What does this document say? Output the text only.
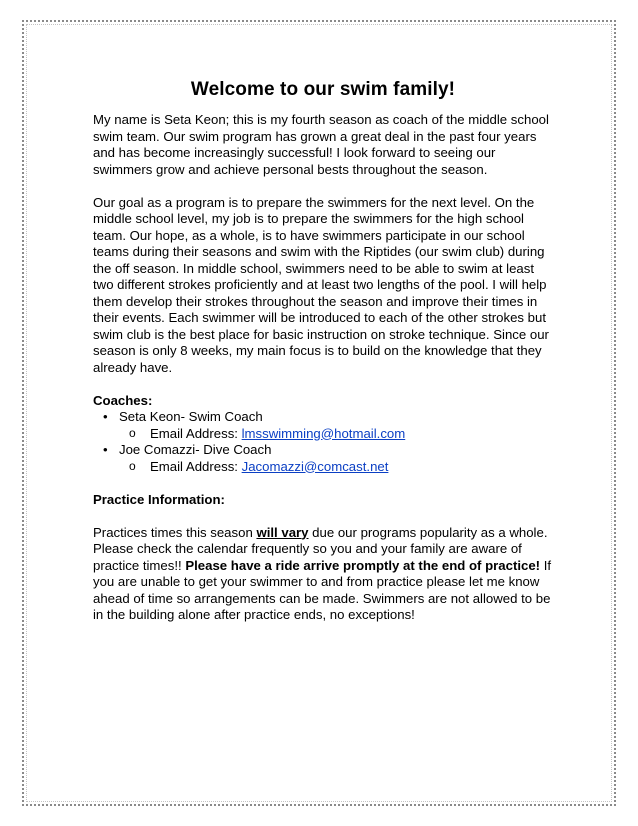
Welcome to our swim family!

My name is Seta Keon; this is my fourth season as coach of the middle school swim team. Our swim program has grown a great deal in the past four years and has become increasingly successful! I look forward to seeing our swimmers grow and achieve personal bests throughout the season.

Our goal as a program is to prepare the swimmers for the next level. On the middle school level, my job is to prepare the swimmers for the high school team. Our hope, as a whole, is to have swimmers participate in our school teams during their seasons and swim with the Riptides (our swim club) during the off season. In middle school, swimmers need to be able to swim at least two different strokes proficiently and at least two lengths of the pool. I will help them develop their strokes throughout the season and improve their times in their events. Each swimmer will be introduced to each of the other strokes but swim club is the best place for basic instruction on stroke technique. Since our season is only 8 weeks, my main focus is to build on the knowledge that they already have.

Coaches:
• Seta Keon- Swim Coach
o Email Address: lmsswimming@hotmail.com
• Joe Comazzi- Dive Coach
o Email Address: Jacomazzi@comcast.net
Practice Information:

Practices times this season will vary due our programs popularity as a whole. Please check the calendar frequently so you and your family are aware of practice times!! Please have a ride arrive promptly at the end of practice! If you are unable to get your swimmer to and from practice please let me know ahead of time so arrangements can be made. Swimmers are not allowed to be in the building alone after practice ends, no exceptions!
